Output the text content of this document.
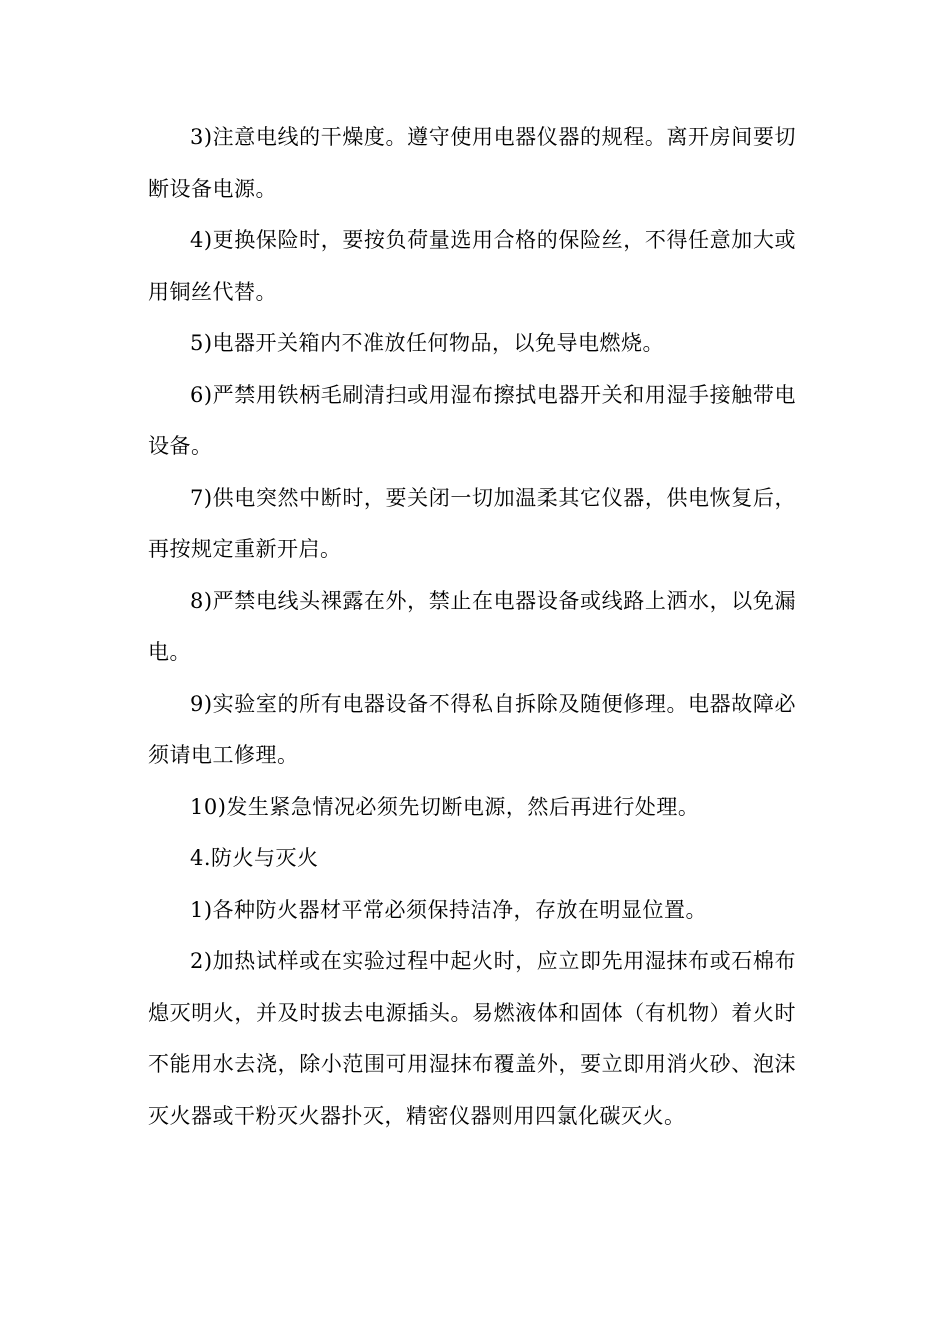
3)注意电线的干燥度。遵守使用电器仪器的规程。离开房间要切断设备电源。

4)更换保险时，要按负荷量选用合格的保险丝，不得任意加大或用铜丝代替。

5)电器开关箱内不准放任何物品，以免导电燃烧。

6)严禁用铁柄毛刷清扫或用湿布擦拭电器开关和用湿手接触带电设备。

7)供电突然中断时，要关闭一切加温柔其它仪器，供电恢复后，再按规定重新开启。

8)严禁电线头裸露在外，禁止在电器设备或线路上洒水，以免漏电。

9)实验室的所有电器设备不得私自拆除及随便修理。电器故障必须请电工修理。

10)发生紧急情况必须先切断电源，然后再进行处理。

4.防火与灭火

1)各种防火器材平常必须保持洁净，存放在明显位置。

2)加热试样或在实验过程中起火时，应立即先用湿抹布或石棉布熄灭明火，并及时拔去电源插头。易燃液体和固体（有机物）着火时不能用水去浇，除小范围可用湿抹布覆盖外，要立即用消火砂、泡沫灭火器或干粉灭火器扑灭，精密仪器则用四氯化碳灭火。
